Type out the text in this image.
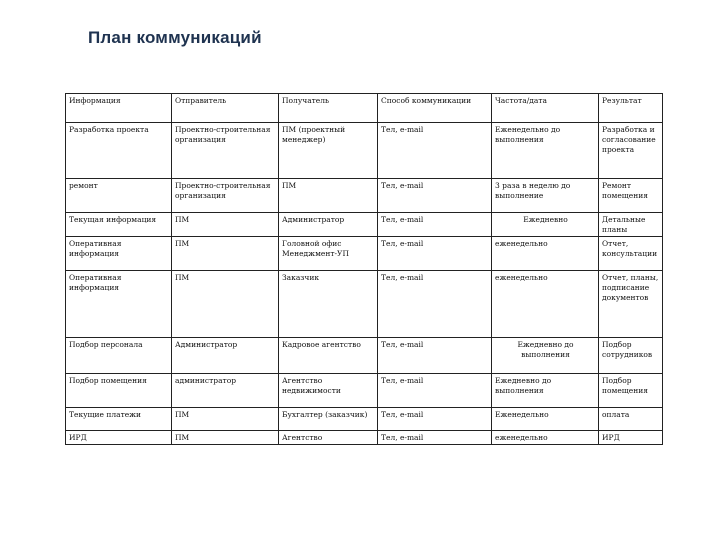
План коммуникаций
Информация	Отправитель	Получатель	Способ коммуникации	Частота/дата	Результат
Разработка проекта	Проектно-строительная организация	ПМ (проектный менеджер)	Тел, e-mail	Еженедельно до выполнения	Разработка и согласование проекта
ремонт	Проектно-строительная организация	ПМ	Тел, e-mail	3 раза в неделю до выполнение	Ремонт помещения
Текущая информация	ПМ	Администратор	Тел, e-mail	Ежедневно	Детальные планы
Оперативная информация	ПМ	Головной офис Менеджмент-УП	Тел, e-mail	еженедельно	Отчет, консультации
Оперативная информация	ПМ	Заказчик	Тел, e-mail	еженедельно	Отчет, планы, подписание документов
Подбор персонала	Администратор	Кадровое агентство	Тел, e-mail	Ежедневно до выполнения	Подбор сотрудников
Подбор помещения	администратор	Агентство недвижимости	Тел, e-mail	Ежедневно до выполнения	Подбор помещения
Текущие платежи	ПМ	Бухгалтер (заказчик)	Тел, e-mail	Еженедельно	оплата
ИРД	ПМ	Агентство	Тел, e-mail	еженедельно	ИРД
